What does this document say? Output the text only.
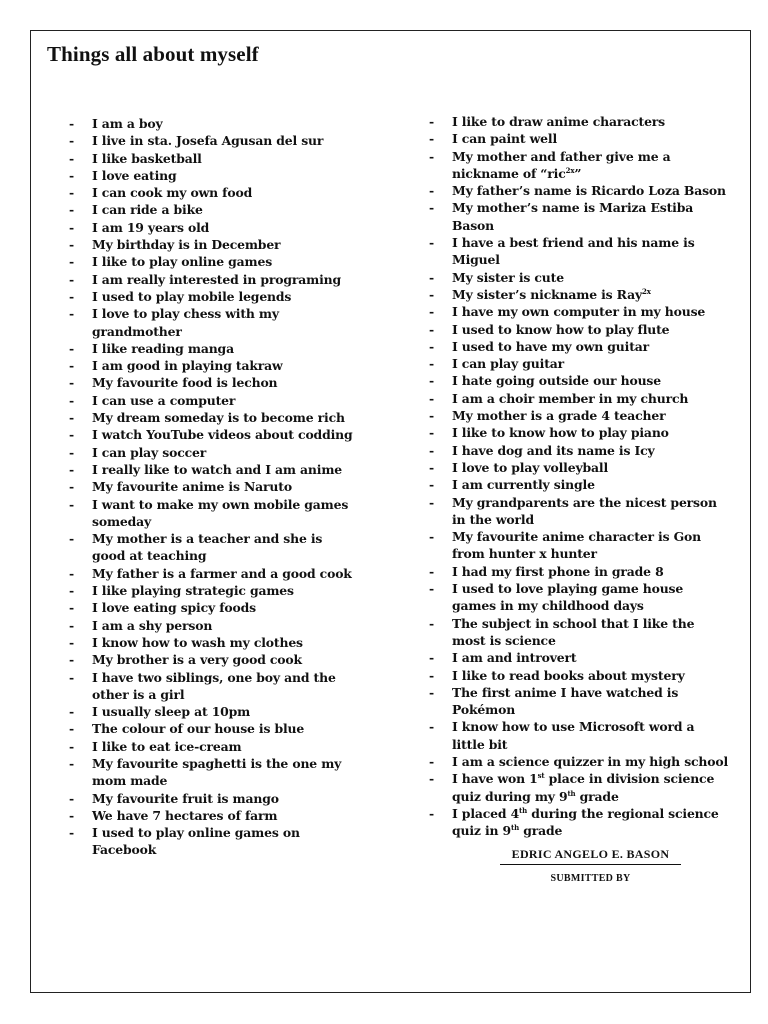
Things all about myself
-	I am a boy
-	I live in sta. Josefa Agusan del sur
-	I like basketball
-	I love eating
-	I can cook my own food
-	I can ride a bike
-	I am 19 years old
-	My birthday is in December
-	I like to play online games
-	I am really interested in programing
-	I used to play mobile legends
-	I love to play chess with my grandmother
-	I like reading manga
-	I am good in playing takraw
-	My favourite food is lechon
-	I can use a computer
-	My dream someday is to become rich
-	I watch YouTube videos about codding
-	I can play soccer
-	I really like to watch and I am anime
-	My favourite anime is Naruto
-	I want to make my own mobile games someday
-	My mother is a teacher and she is good at teaching
-	My father is a farmer and a good cook
-	I like playing strategic games
-	I love eating spicy foods
-	I am a shy person
-	I know how to wash my clothes
-	My brother is a very good cook
-	I have two siblings, one boy and the other is a girl
-	I usually sleep at 10pm
-	The colour of our house is blue
-	I like to eat ice-cream
-	My favourite spaghetti is the one my mom made
-	My favourite fruit is mango
-	We have 7 hectares of farm
-	I used to play online games on Facebook
-	I like to draw anime characters
-	I can paint well
-	My mother and father give me a nickname of “ric$^{2x}$”
-	My father’s name is Ricardo Loza Bason
-	My mother’s name is Mariza Estiba Bason
-	I have a best friend and his name is Miguel
-	My sister is cute
-	My sister’s nickname is Ray$^{2x}$
-	I have my own computer in my house
-	I used to know how to play flute
-	I used to have my own guitar
-	I can play guitar
-	I hate going outside our house
-	I am a choir member in my church
-	My mother is a grade 4 teacher
-	I like to know how to play piano
-	I have dog and its name is Icy
-	I love to play volleyball
-	I am currently single
-	My grandparents are the nicest person in the world
-	My favourite anime character is Gon from hunter x hunter
-	I had my first phone in grade 8
-	I used to love playing game house games in my childhood days
-	The subject in school that I like the most is science
-	I am and introvert
-	I like to read books about mystery
-	The first anime I have watched is Pokémon
-	I know how to use Microsoft word a little bit
-	I am a science quizzer in my high school
-	I have won 1st place in division science quiz during my 9th grade
-	I placed 4th during the regional science quiz in 9th grade
EDRIC ANGELO E. BASON
SUBMITTED BY
